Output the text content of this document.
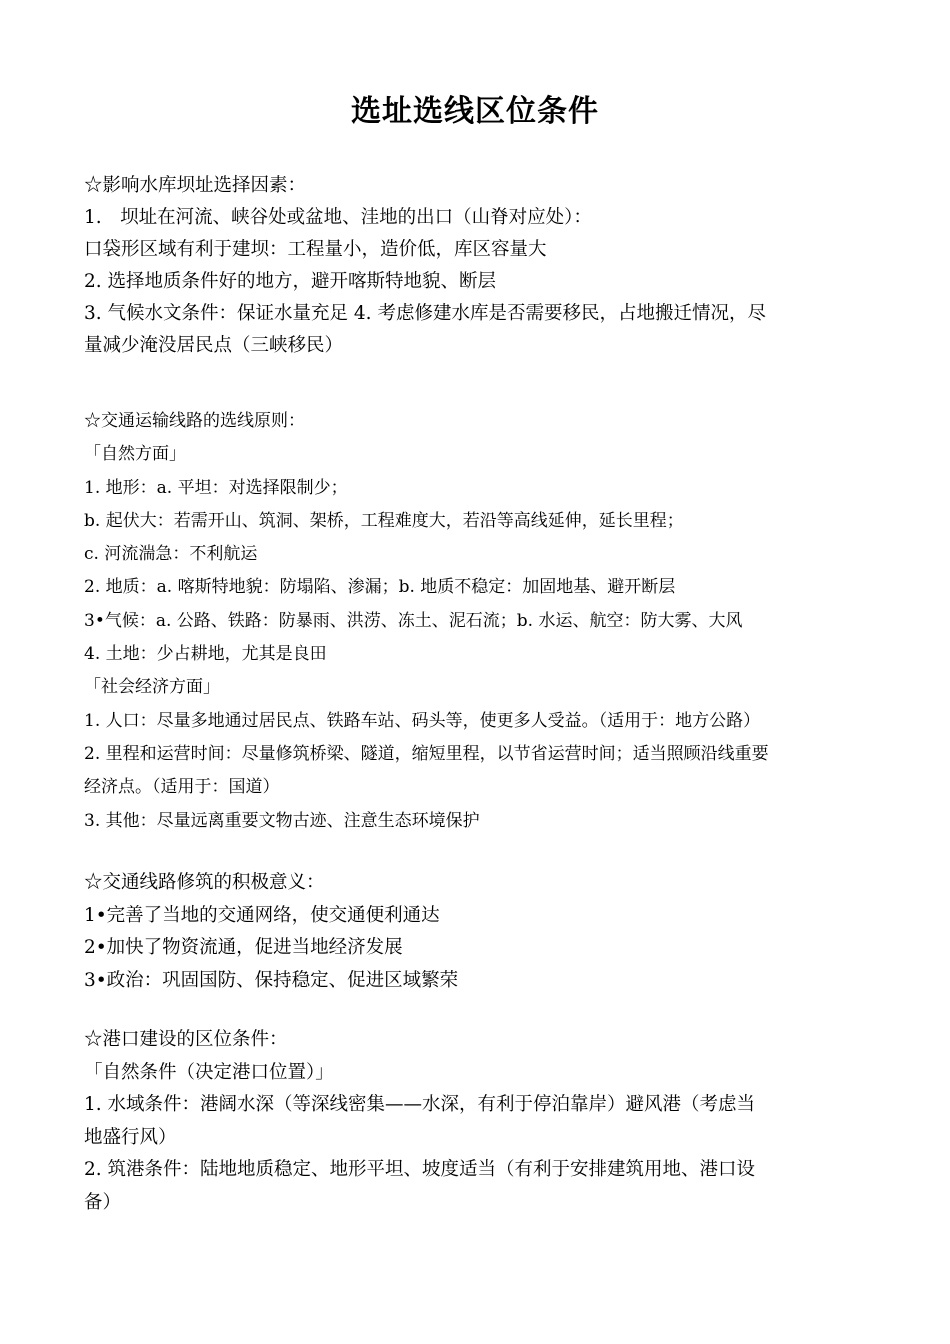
选址选线区位条件

☆影响水库坝址选择因素：

1.　坝址在河流、峡谷处或盆地、洼地的出口（山脊对应处）：

口袋形区域有利于建坝：工程量小，造价低，库区容量大

2. 选择地质条件好的地方，避开喀斯特地貌、断层

3. 气候水文条件：保证水量充足 4. 考虑修建水库是否需要移民，占地搬迁情况，尽

量减少淹没居民点（三峡移民）

☆交通运输线路的选线原则：

「自然方面」

1. 地形：a. 平坦：对选择限制少；

b. 起伏大：若需开山、筑洞、架桥，工程难度大，若沿等高线延伸，延长里程；

c. 河流湍急：不利航运

2. 地质：a. 喀斯特地貌：防塌陷、渗漏；b. 地质不稳定：加固地基、避开断层

3•气候：a. 公路、铁路：防暴雨、洪涝、冻土、泥石流；b. 水运、航空：防大雾、大风

4. 土地：少占耕地，尤其是良田

「社会经济方面」

1. 人口：尽量多地通过居民点、铁路车站、码头等，使更多人受益。（适用于：地方公路）

2. 里程和运营时间：尽量修筑桥梁、隧道，缩短里程，以节省运营时间；适当照顾沿线重要

经济点。（适用于：国道）

3. 其他：尽量远离重要文物古迹、注意生态环境保护

☆交通线路修筑的积极意义：

1•完善了当地的交通网络，使交通便利通达

2•加快了物资流通，促进当地经济发展

3•政治：巩固国防、保持稳定、促进区域繁荣

☆港口建设的区位条件：

「自然条件（决定港口位置）」

1. 水域条件：港阔水深（等深线密集——水深，有利于停泊靠岸）避风港（考虑当

地盛行风）

2. 筑港条件：陆地地质稳定、地形平坦、坡度适当（有利于安排建筑用地、港口设

备）
